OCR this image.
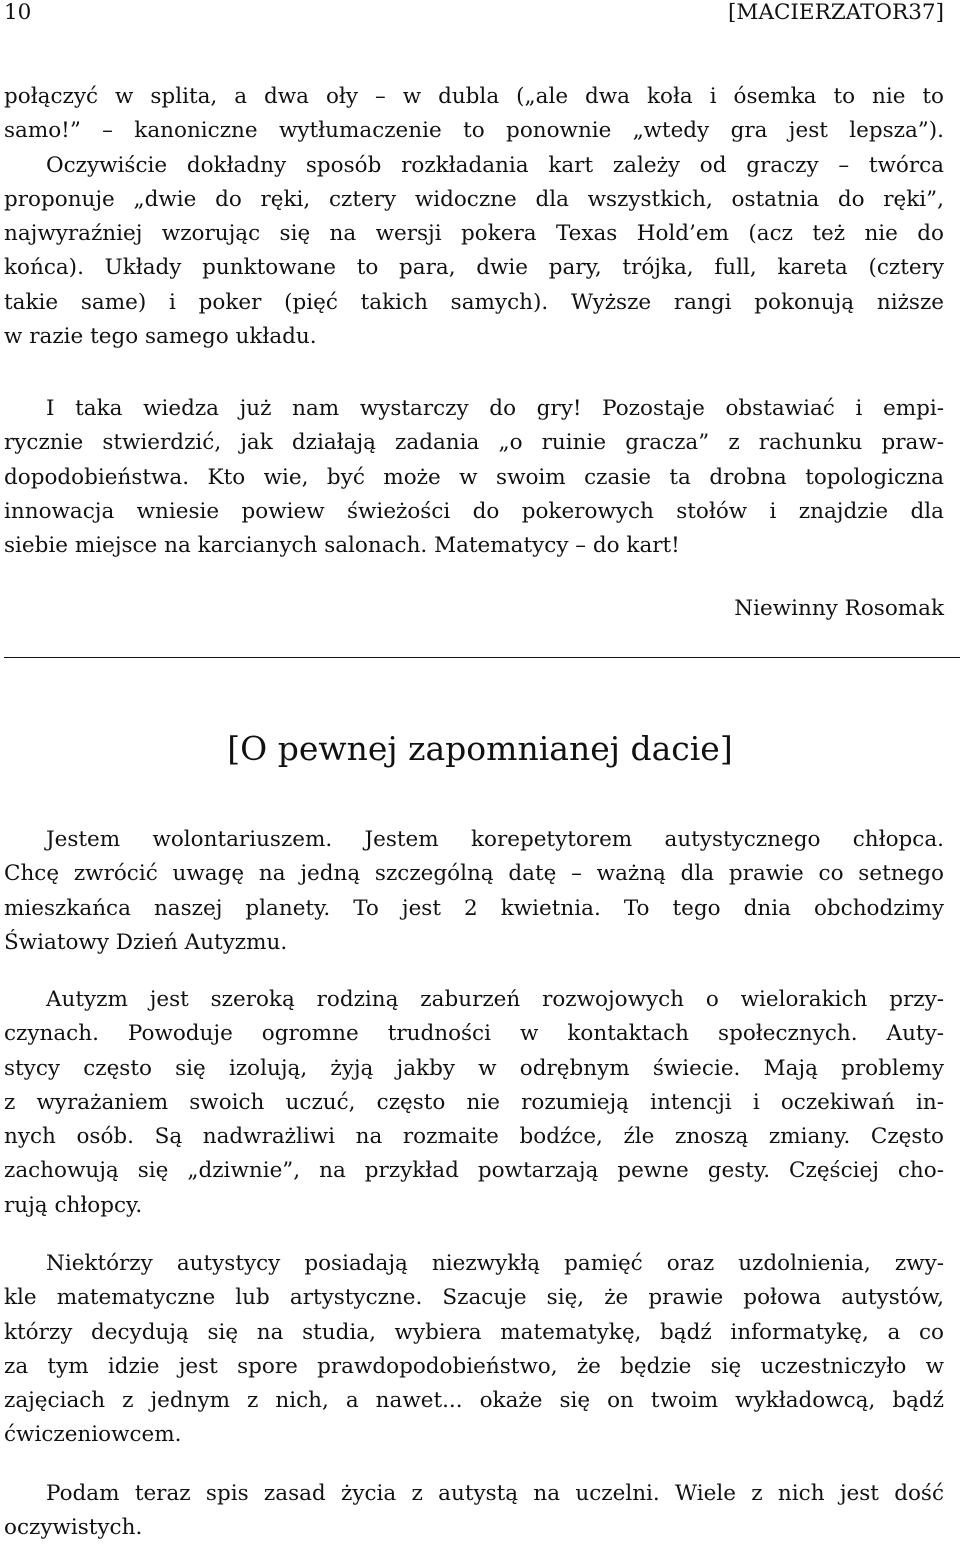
10	[MACIERZATOR37]
połączyć w splita, a dwa oły – w dubla („ale dwa koła i ósemka to nie to
samo!” – kanoniczne wytłumaczenie to ponownie „wtedy gra jest lepsza”).
Oczywiście dokładny sposób rozkładania kart zależy od graczy – twórca
proponuje „dwie do ręki, cztery widoczne dla wszystkich, ostatnia do ręki”,
najwyraźniej wzorując się na wersji pokera Texas Hold’em (acz też nie do
końca). Układy punktowane to para, dwie pary, trójka, full, kareta (cztery
takie same) i poker (pięć takich samych). Wyższe rangi pokonują niższe
w razie tego samego układu.
I taka wiedza już nam wystarczy do gry! Pozostaje obstawiać i empi-
rycznie stwierdzić, jak działają zadania „o ruinie gracza” z rachunku praw-
dopodobieństwa. Kto wie, być może w swoim czasie ta drobna topologiczna
innowacja wniesie powiew świeżości do pokerowych stołów i znajdzie dla
siebie miejsce na karcianych salonach. Matematycy – do kart!
Niewinny Rosomak
[O pewnej zapomnianej dacie]
Jestem wolontariuszem. Jestem korepetytorem autystycznego chłopca.
Chcę zwrócić uwagę na jedną szczególną datę – ważną dla prawie co setnego
mieszkańca naszej planety. To jest 2 kwietnia. To tego dnia obchodzimy
Światowy Dzień Autyzmu.
Autyzm jest szeroką rodziną zaburzeń rozwojowych o wielorakich przy-
czynach. Powoduje ogromne trudności w kontaktach społecznych. Auty-
stycy często się izolują, żyją jakby w odrębnym świecie. Mają problemy
z wyrażaniem swoich uczuć, często nie rozumieją intencji i oczekiwań in-
nych osób. Są nadwrażliwi na rozmaite bodźce, źle znoszą zmiany. Często
zachowują się „dziwnie”, na przykład powtarzają pewne gesty. Częściej cho-
rują chłopcy.
Niektórzy autystycy posiadają niezwykłą pamięć oraz uzdolnienia, zwy-
kle matematyczne lub artystyczne. Szacuje się, że prawie połowa autystów,
którzy decydują się na studia, wybiera matematykę, bądź informatykę, a co
za tym idzie jest spore prawdopodobieństwo, że będzie się uczestniczyło w
zajęciach z jednym z nich, a nawet... okaże się on twoim wykładowcą, bądź
ćwiczeniowcem.
Podam teraz spis zasad życia z autystą na uczelni. Wiele z nich jest dość
oczywistych.
